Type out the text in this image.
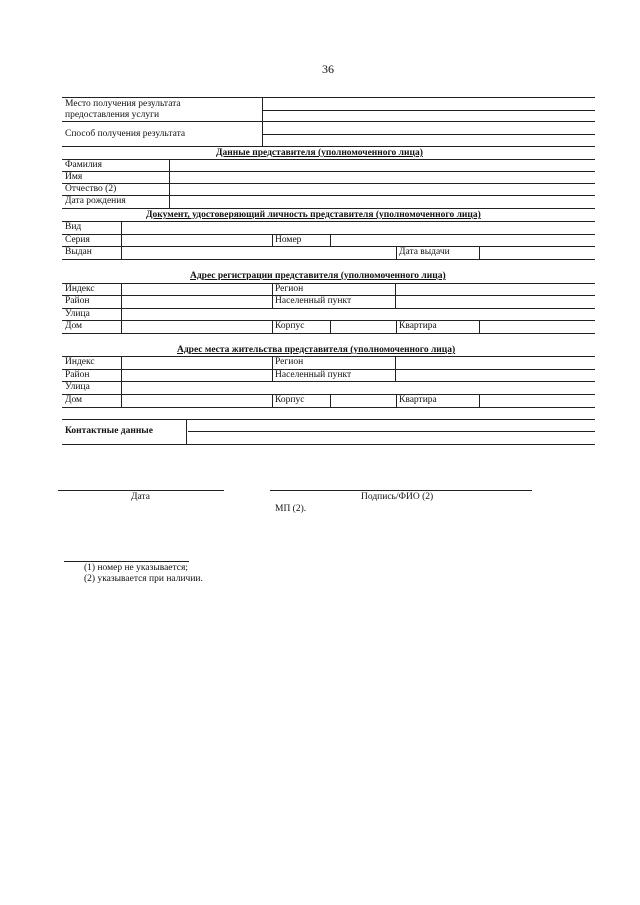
36
Место получения результата предоставления услуги
Способ получения результата
Данные представителя (уполномоченного лица)
Фамилия
Имя
Отчество (2)
Дата рождения
Документ, удостоверяющий личность представителя (уполномоченного лица)
Вид
Серия	Номер
Выдан	Дата выдачи
Адрес регистрации представителя (уполномоченного лица)
Индекс	Регион
Район	Населенный пункт
Улица
Дом	Корпус	Квартира
Адрес места жительства представителя (уполномоченного лица)
Индекс	Регион
Район	Населенный пункт
Улица
Дом	Корпус	Квартира
Контактные данные
Дата	Подпись/ФИО (2)
МП (2).
(1) номер не указывается;
(2) указывается при наличии.
